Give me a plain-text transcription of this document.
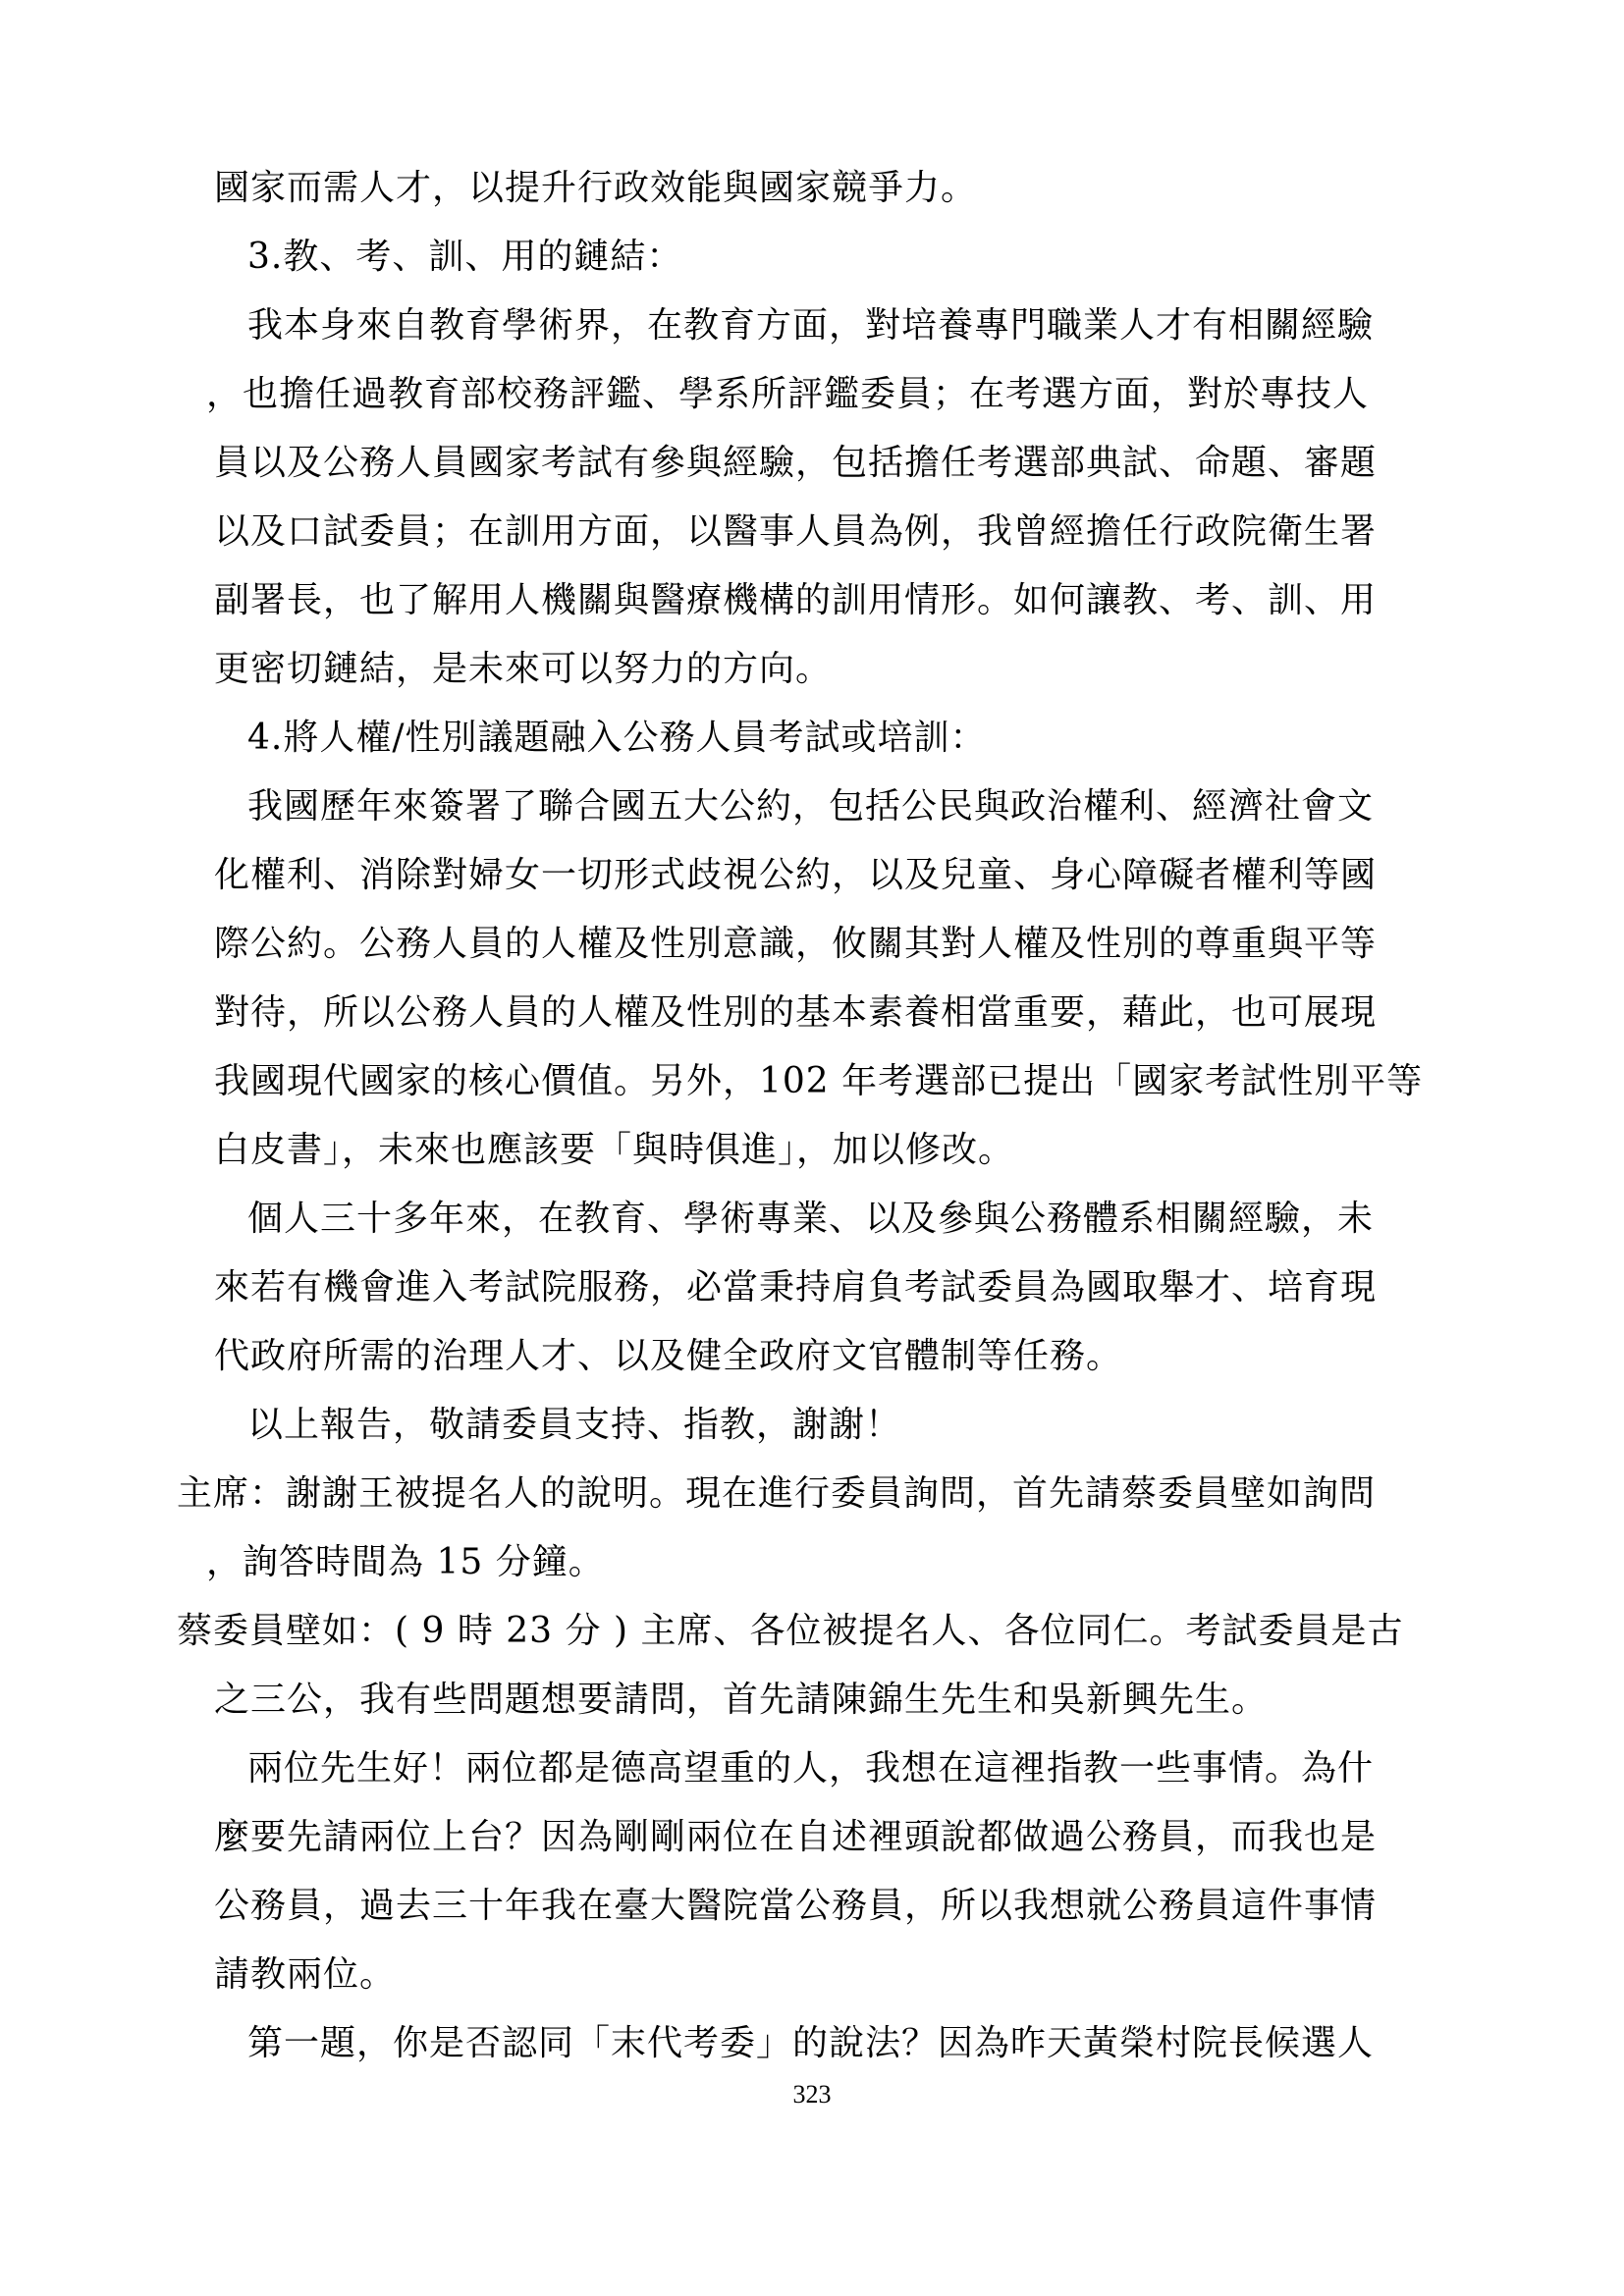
國家而需人才，以提升行政效能與國家競爭力。
3.教、考、訓、用的鏈結：
我本身來自教育學術界，在教育方面，對培養專門職業人才有相關經驗
，也擔任過教育部校務評鑑、學系所評鑑委員；在考選方面，對於專技人
員以及公務人員國家考試有參與經驗，包括擔任考選部典試、命題、審題
以及口試委員；在訓用方面，以醫事人員為例，我曾經擔任行政院衛生署
副署長，也了解用人機關與醫療機構的訓用情形。如何讓教、考、訓、用
更密切鏈結，是未來可以努力的方向。
4.將人權/性別議題融入公務人員考試或培訓：
我國歷年來簽署了聯合國五大公約，包括公民與政治權利、經濟社會文
化權利、消除對婦女一切形式歧視公約，以及兒童、身心障礙者權利等國
際公約。公務人員的人權及性別意識，攸關其對人權及性別的尊重與平等
對待，所以公務人員的人權及性別的基本素養相當重要，藉此，也可展現
我國現代國家的核心價值。另外，102 年考選部已提出「國家考試性別平等
白皮書」，未來也應該要「與時俱進」，加以修改。
個人三十多年來，在教育、學術專業、以及參與公務體系相關經驗，未
來若有機會進入考試院服務，必當秉持肩負考試委員為國取舉才、培育現
代政府所需的治理人才、以及健全政府文官體制等任務。
以上報告，敬請委員支持、指教，謝謝！
主席：謝謝王被提名人的說明。現在進行委員詢問，首先請蔡委員壁如詢問
，詢答時間為 15 分鐘。
蔡委員壁如：( 9 時 23 分 ) 主席、各位被提名人、各位同仁。考試委員是古
之三公，我有些問題想要請問，首先請陳錦生先生和吳新興先生。
兩位先生好！兩位都是德高望重的人，我想在這裡指教一些事情。為什
麼要先請兩位上台？因為剛剛兩位在自述裡頭說都做過公務員，而我也是
公務員，過去三十年我在臺大醫院當公務員，所以我想就公務員這件事情
請教兩位。
第一題，你是否認同「末代考委」的說法？因為昨天黃榮村院長候選人
323
